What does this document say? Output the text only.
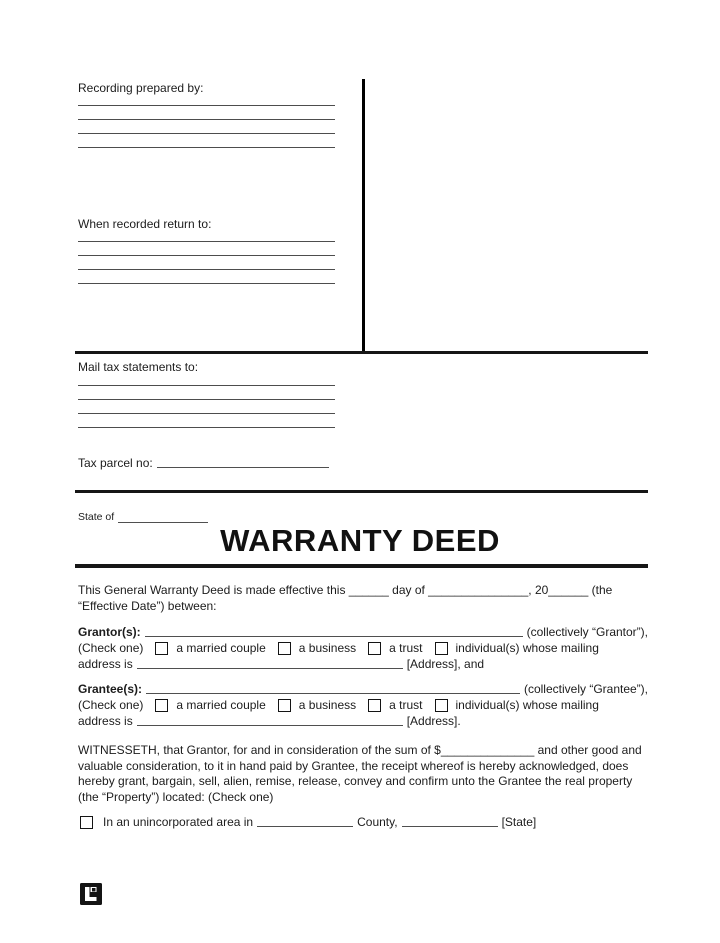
Recording prepared by:
When recorded return to:
Mail tax statements to:
Tax parcel no:
State of
WARRANTY DEED
This General Warranty Deed is made effective this ______ day of _______________, 20______ (the “Effective Date”) between:
Grantor(s):	(collectively “Grantor”),
(Check one)	a married couple	a business	a trust	individual(s) whose mailing
address is	[Address], and
Grantee(s):	(collectively “Grantee”),
(Check one)	a married couple	a business	a trust	individual(s) whose mailing
address is	[Address].
WITNESSETH, that Grantor, for and in consideration of the sum of $______________ and other good and valuable consideration, to it in hand paid by Grantee, the receipt whereof is hereby acknowledged, does hereby grant, bargain, sell, alien, remise, release, convey and confirm unto the Grantee the real property (the “Property”) located: (Check one)
In an unincorporated area in	County,	[State]
